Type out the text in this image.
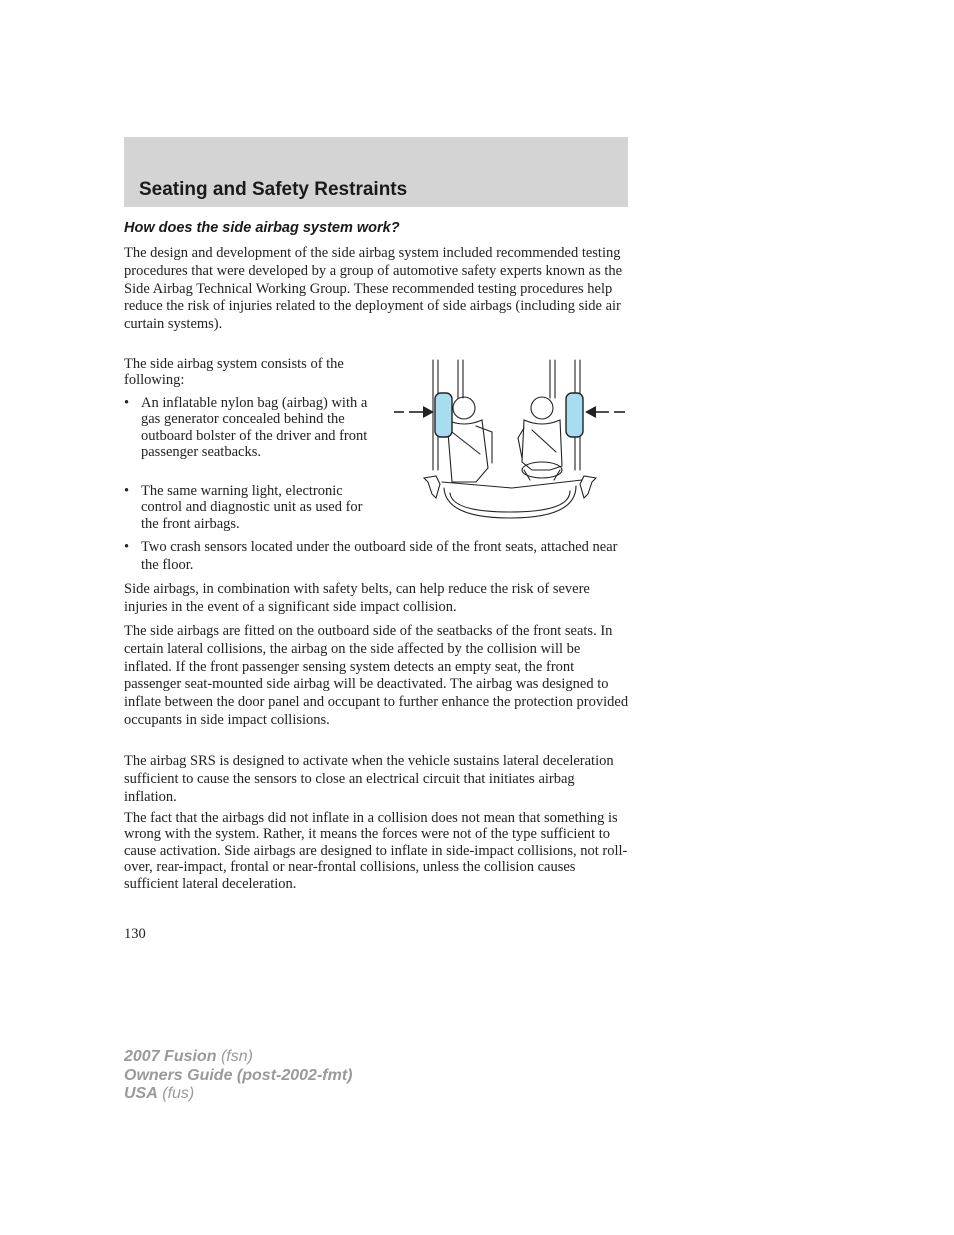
Seating and Safety Restraints
How does the side airbag system work?

The design and development of the side airbag system included recommended testing procedures that were developed by a group of automotive safety experts known as the Side Airbag Technical Working Group. These recommended testing procedures help reduce the risk of injuries related to the deployment of side airbags (including side air curtain systems).

The side airbag system consists of the following:

• An inflatable nylon bag (airbag) with a gas generator concealed behind the outboard bolster of the driver and front passenger seatbacks.
• The same warning light, electronic control and diagnostic unit as used for the front airbags.
• Two crash sensors located under the outboard side of the front seats, attached near the floor.

Side airbags, in combination with safety belts, can help reduce the risk of severe injuries in the event of a significant side impact collision.

The side airbags are fitted on the outboard side of the seatbacks of the front seats. In certain lateral collisions, the airbag on the side affected by the collision will be inflated. If the front passenger sensing system detects an empty seat, the front passenger seat-mounted side airbag will be deactivated. The airbag was designed to inflate between the door panel and occupant to further enhance the protection provided occupants in side impact collisions.

The airbag SRS is designed to activate when the vehicle sustains lateral deceleration sufficient to cause the sensors to close an electrical circuit that initiates airbag inflation.

The fact that the airbags did not inflate in a collision does not mean that something is wrong with the system. Rather, it means the forces were not of the type sufficient to cause activation. Side airbags are designed to inflate in side-impact collisions, not roll-over, rear-impact, frontal or near-frontal collisions, unless the collision causes sufficient lateral deceleration.

130

2007 Fusion (fsn)
Owners Guide (post-2002-fmt)
USA (fus)
